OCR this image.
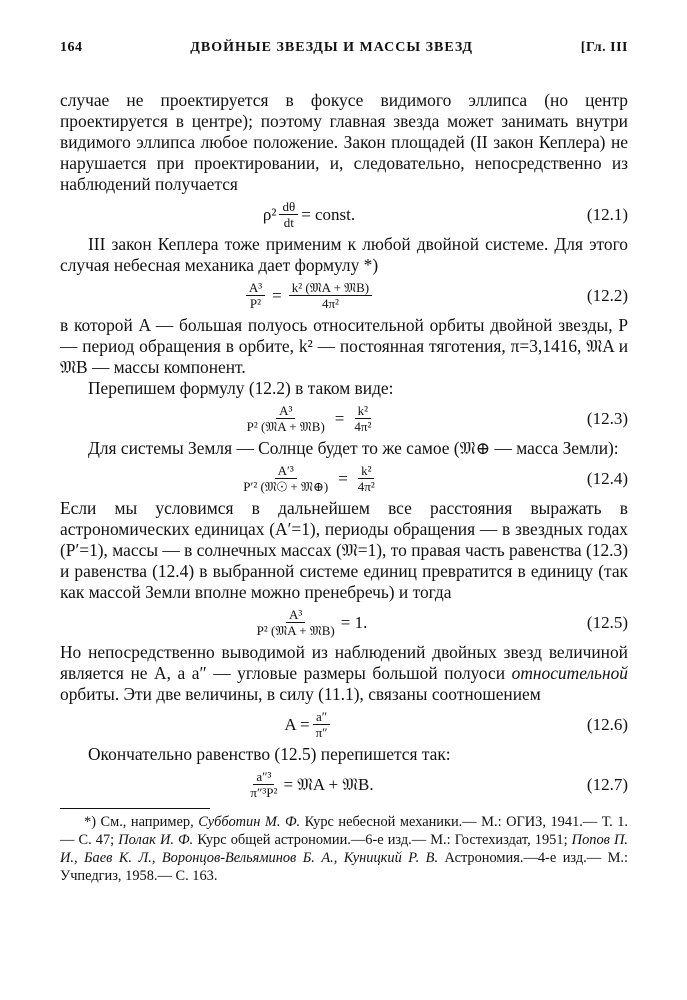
164	ДВОЙНЫЕ ЗВЕЗДЫ И МАССЫ ЗВЕЗД	[Гл. III

случае не проектируется в фокусе видимого эллипса (но центр проектируется в центре); поэтому главная звезда может занимать внутри видимого эллипса любое положение. Закон площадей (II закон Кеплера) не нарушается при проектировании, и, следовательно, непосредственно из наблюдений получается

$\rho^2 \frac{d\theta}{dt}$ = const.	(12.1)

III закон Кеплера тоже применим к любой двойной системе. Для этого случая небесная механика дает формулу *)

$\frac{\text{A³}}{\text{P²}} = \frac{\text{k² (𝔐A + 𝔐B)}}{\text{4π²}}$	(12.2)

в которой A — большая полуось относительной орбиты двойной звезды, P — период обращения в орбите, k² — постоянная тяготения, π=3,1416, 𝔐A и 𝔐B — массы компонент.

Перепишем формулу (12.2) в таком виде:

$\frac{\text{A³}}{\text{P² (𝔐A + 𝔐B)}} = \frac{\text{k²}}{\text{4π²}}$	(12.3)

Для системы Земля — Солнце будет то же самое (𝔐⊕ — масса Земли):

$\frac{\text{A′³}}{\text{P′² (𝔐☉ + 𝔐⊕)}} = \frac{\text{k²}}{\text{4π²}}$	(12.4)

Если мы условимся в дальнейшем все расстояния выражать в астрономических единицах (A′=1), периоды обращения — в звездных годах (P′=1), массы — в солнечных массах (𝔐=1), то правая часть равенства (12.3) и равенства (12.4) в выбранной системе единиц превратится в единицу (так как массой Земли вполне можно пренебречь) и тогда

$\frac{\text{A³}}{\text{P² (𝔐A + 𝔐B)}} = 1$.	(12.5)

Но непосредственно выводимой из наблюдений двойных звезд величиной является не A, а a″ — угловые размеры большой полуоси относительной орбиты. Эти две величины, в силу (11.1), связаны соотношением

$A = \frac{a''}{\pi''}$	(12.6)

Окончательно равенство (12.5) перепишется так:

$\frac{\text{a″³}}{\text{π″³P²}}$ = 𝔐A + 𝔐B.	(12.7)

*) См., например, Субботин М. Ф. Курс небесной механики.— М.: ОГИЗ, 1941.— Т. 1.— С. 47; Полак И. Ф. Курс общей астрономии.—6-е изд.— М.: Гостехиздат, 1951; Попов П. И., Баев К. Л., Воронцов-Вельяминов Б. А., Куницкий Р. В. Астрономия.—4-е изд.— М.: Учпедгиз, 1958.— С. 163.
